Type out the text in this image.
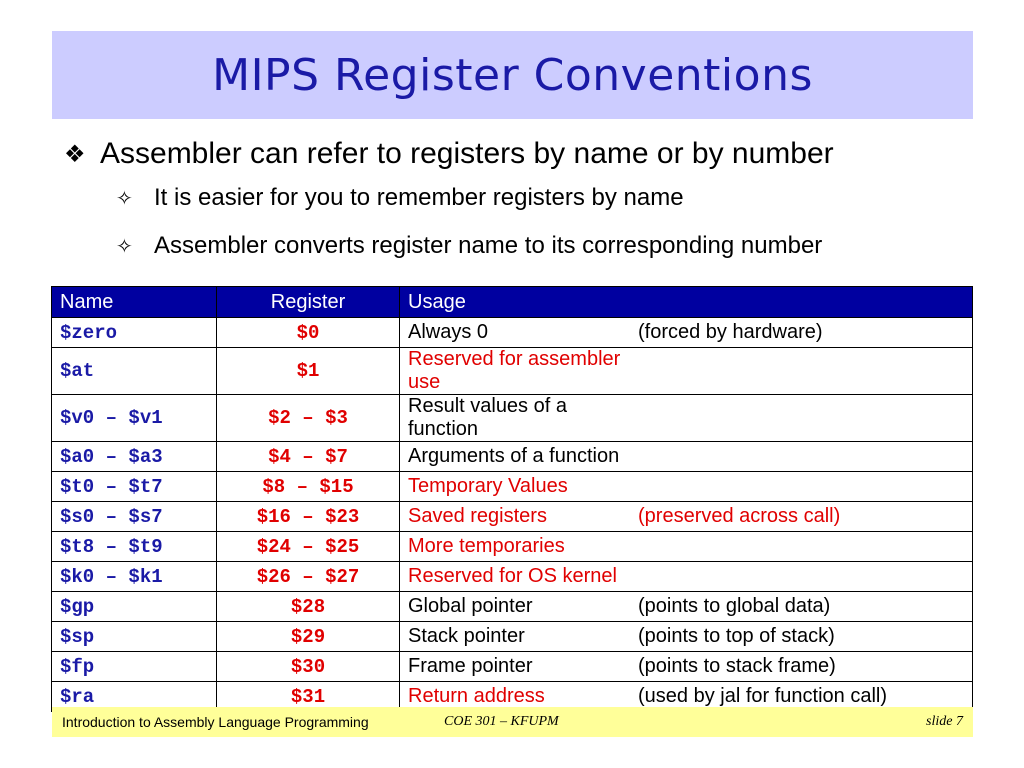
MIPS Register Conventions
❖ Assembler can refer to registers by name or by number
✧ It is easier for you to remember registers by name
✧ Assembler converts register name to its corresponding number
Name	Register	Usage
$zero	$0	Always 0 (forced by hardware)
$at	$1	Reserved for assembler use
$v0 – $v1	$2 – $3	Result values of a function
$a0 – $a3	$4 – $7	Arguments of a function
$t0 – $t7	$8 – $15	Temporary Values
$s0 – $s7	$16 – $23	Saved registers (preserved across call)
$t8 – $t9	$24 – $25	More temporaries
$k0 – $k1	$26 – $27	Reserved for OS kernel
$gp	$28	Global pointer (points to global data)
$sp	$29	Stack pointer (points to top of stack)
$fp	$30	Frame pointer (points to stack frame)
$ra	$31	Return address (used by jal for function call)
Introduction to Assembly Language Programming	COE 301 – KFUPM	slide 7
